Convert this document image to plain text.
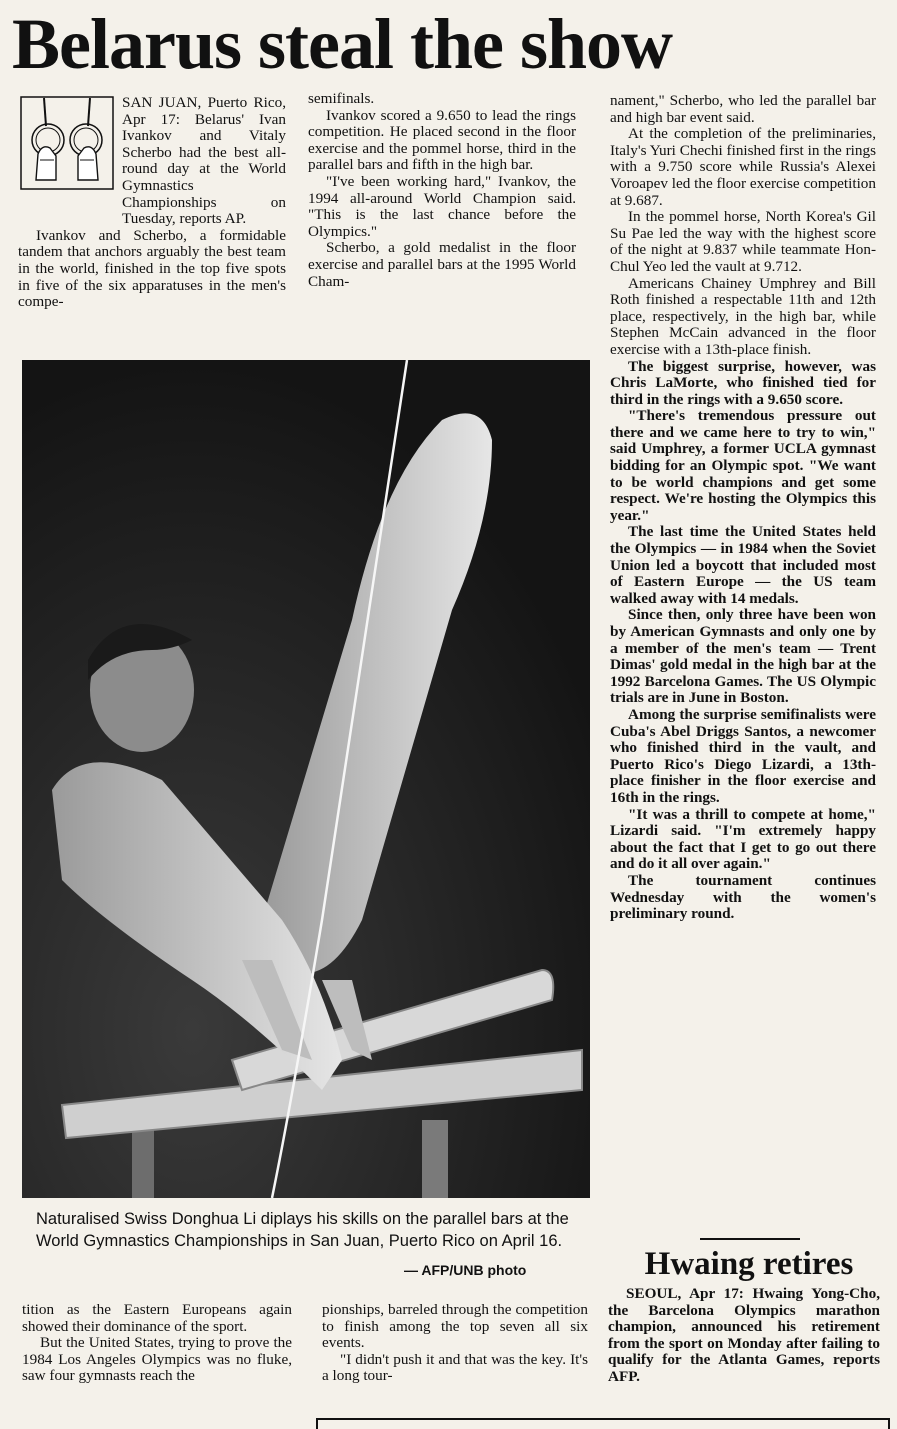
Belarus steal the show

SAN JUAN, Puerto Rico, Apr 17: Belarus' Ivan Ivankov and Vitaly Scherbo had the best all-round day at the World Gymnastics Championships on Tuesday, reports AP.

Ivankov and Scherbo, a formidable tandem that anchors arguably the best team in the world, finished in the top five spots in five of the six apparatuses in the men's compe-

semifinals.

Ivankov scored a 9.650 to lead the rings competition. He placed second in the floor exercise and the pommel horse, third in the parallel bars and fifth in the high bar.

"I've been working hard," Ivankov, the 1994 all-around World Champion said. "This is the last chance before the Olympics."

Scherbo, a gold medalist in the floor exercise and parallel bars at the 1995 World Cham-

nament," Scherbo, who led the parallel bar and high bar event said.

At the completion of the preliminaries, Italy's Yuri Chechi finished first in the rings with a 9.750 score while Russia's Alexei Voroapev led the floor exercise competition at 9.687.

In the pommel horse, North Korea's Gil Su Pae led the way with the highest score of the night at 9.837 while teammate Hon-Chul Yeo led the vault at 9.712.

Americans Chainey Umphrey and Bill Roth finished a respectable 11th and 12th place, respectively, in the high bar, while Stephen McCain advanced in the floor exercise with a 13th-place finish.

The biggest surprise, however, was Chris LaMorte, who finished tied for third in the rings with a 9.650 score.

"There's tremendous pressure out there and we came here to try to win," said Umphrey, a former UCLA gymnast bidding for an Olympic spot. "We want to be world champions and get some respect. We're hosting the Olympics this year."

The last time the United States held the Olympics — in 1984 when the Soviet Union led a boycott that included most of Eastern Europe — the US team walked away with 14 medals.

Since then, only three have been won by American Gymnasts and only one by a member of the men's team — Trent Dimas' gold medal in the high bar at the 1992 Barcelona Games. The US Olympic trials are in June in Boston.

Among the surprise semifinalists were Cuba's Abel Driggs Santos, a newcomer who finished third in the vault, and Puerto Rico's Diego Lizardi, a 13th-place finisher in the floor exercise and 16th in the rings.

"It was a thrill to compete at home," Lizardi said. "I'm extremely happy about the fact that I get to go out there and do it all over again."

The tournament continues Wednesday with the women's preliminary round.

Naturalised Swiss Donghua Li diplays his skills on the parallel bars at the World Gymnastics Championships in San Juan, Puerto Rico on April 16.
— AFP/UNB photo

tition as the Eastern Europeans again showed their dominance of the sport.

But the United States, trying to prove the 1984 Los Angeles Olympics was no fluke, saw four gymnasts reach the

pionships, barreled through the competition to finish among the top seven all six events.

"I didn't push it and that was the key. It's a long tour-

Hwaing retires

SEOUL, Apr 17: Hwaing Yong-Cho, the Barcelona Olympics marathon champion, announced his retirement from the sport on Monday after failing to qualify for the Atlanta Games, reports AFP.
